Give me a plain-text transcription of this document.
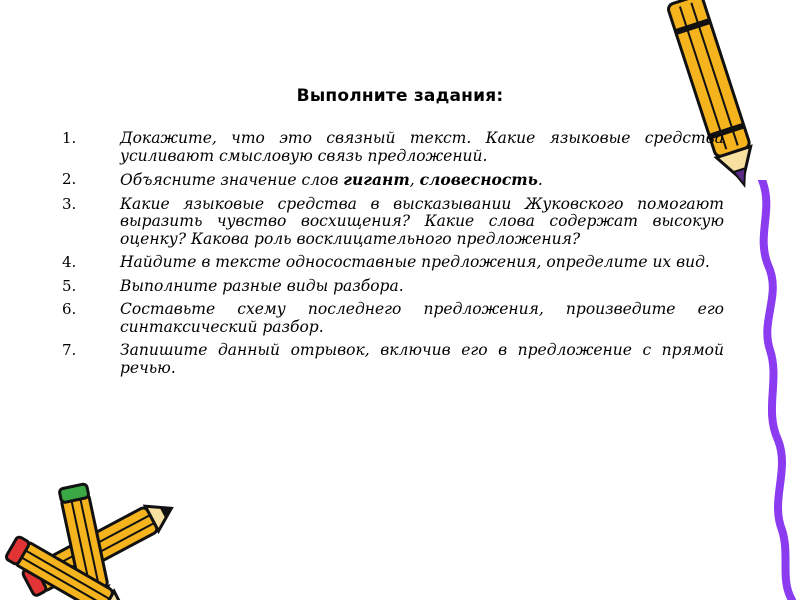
Выполните задания:
1.	Докажите, что это связный текст. Какие языковые средства усиливают смысловую связь предложений.
2.	Объясните значение слов гигант, словесность.
3.	Какие языковые средства в высказывании Жуковского помогают выразить чувство восхищения? Какие слова содержат высокую оценку? Какова роль восклицательного предложения?
4.	Найдите в тексте односоставные предложения, определите их вид.
5.	Выполните разные виды разбора.
6.	Составьте схему последнего предложения, произведите его синтаксический разбор.
7.	Запишите данный отрывок, включив его в предложение с прямой речью.
